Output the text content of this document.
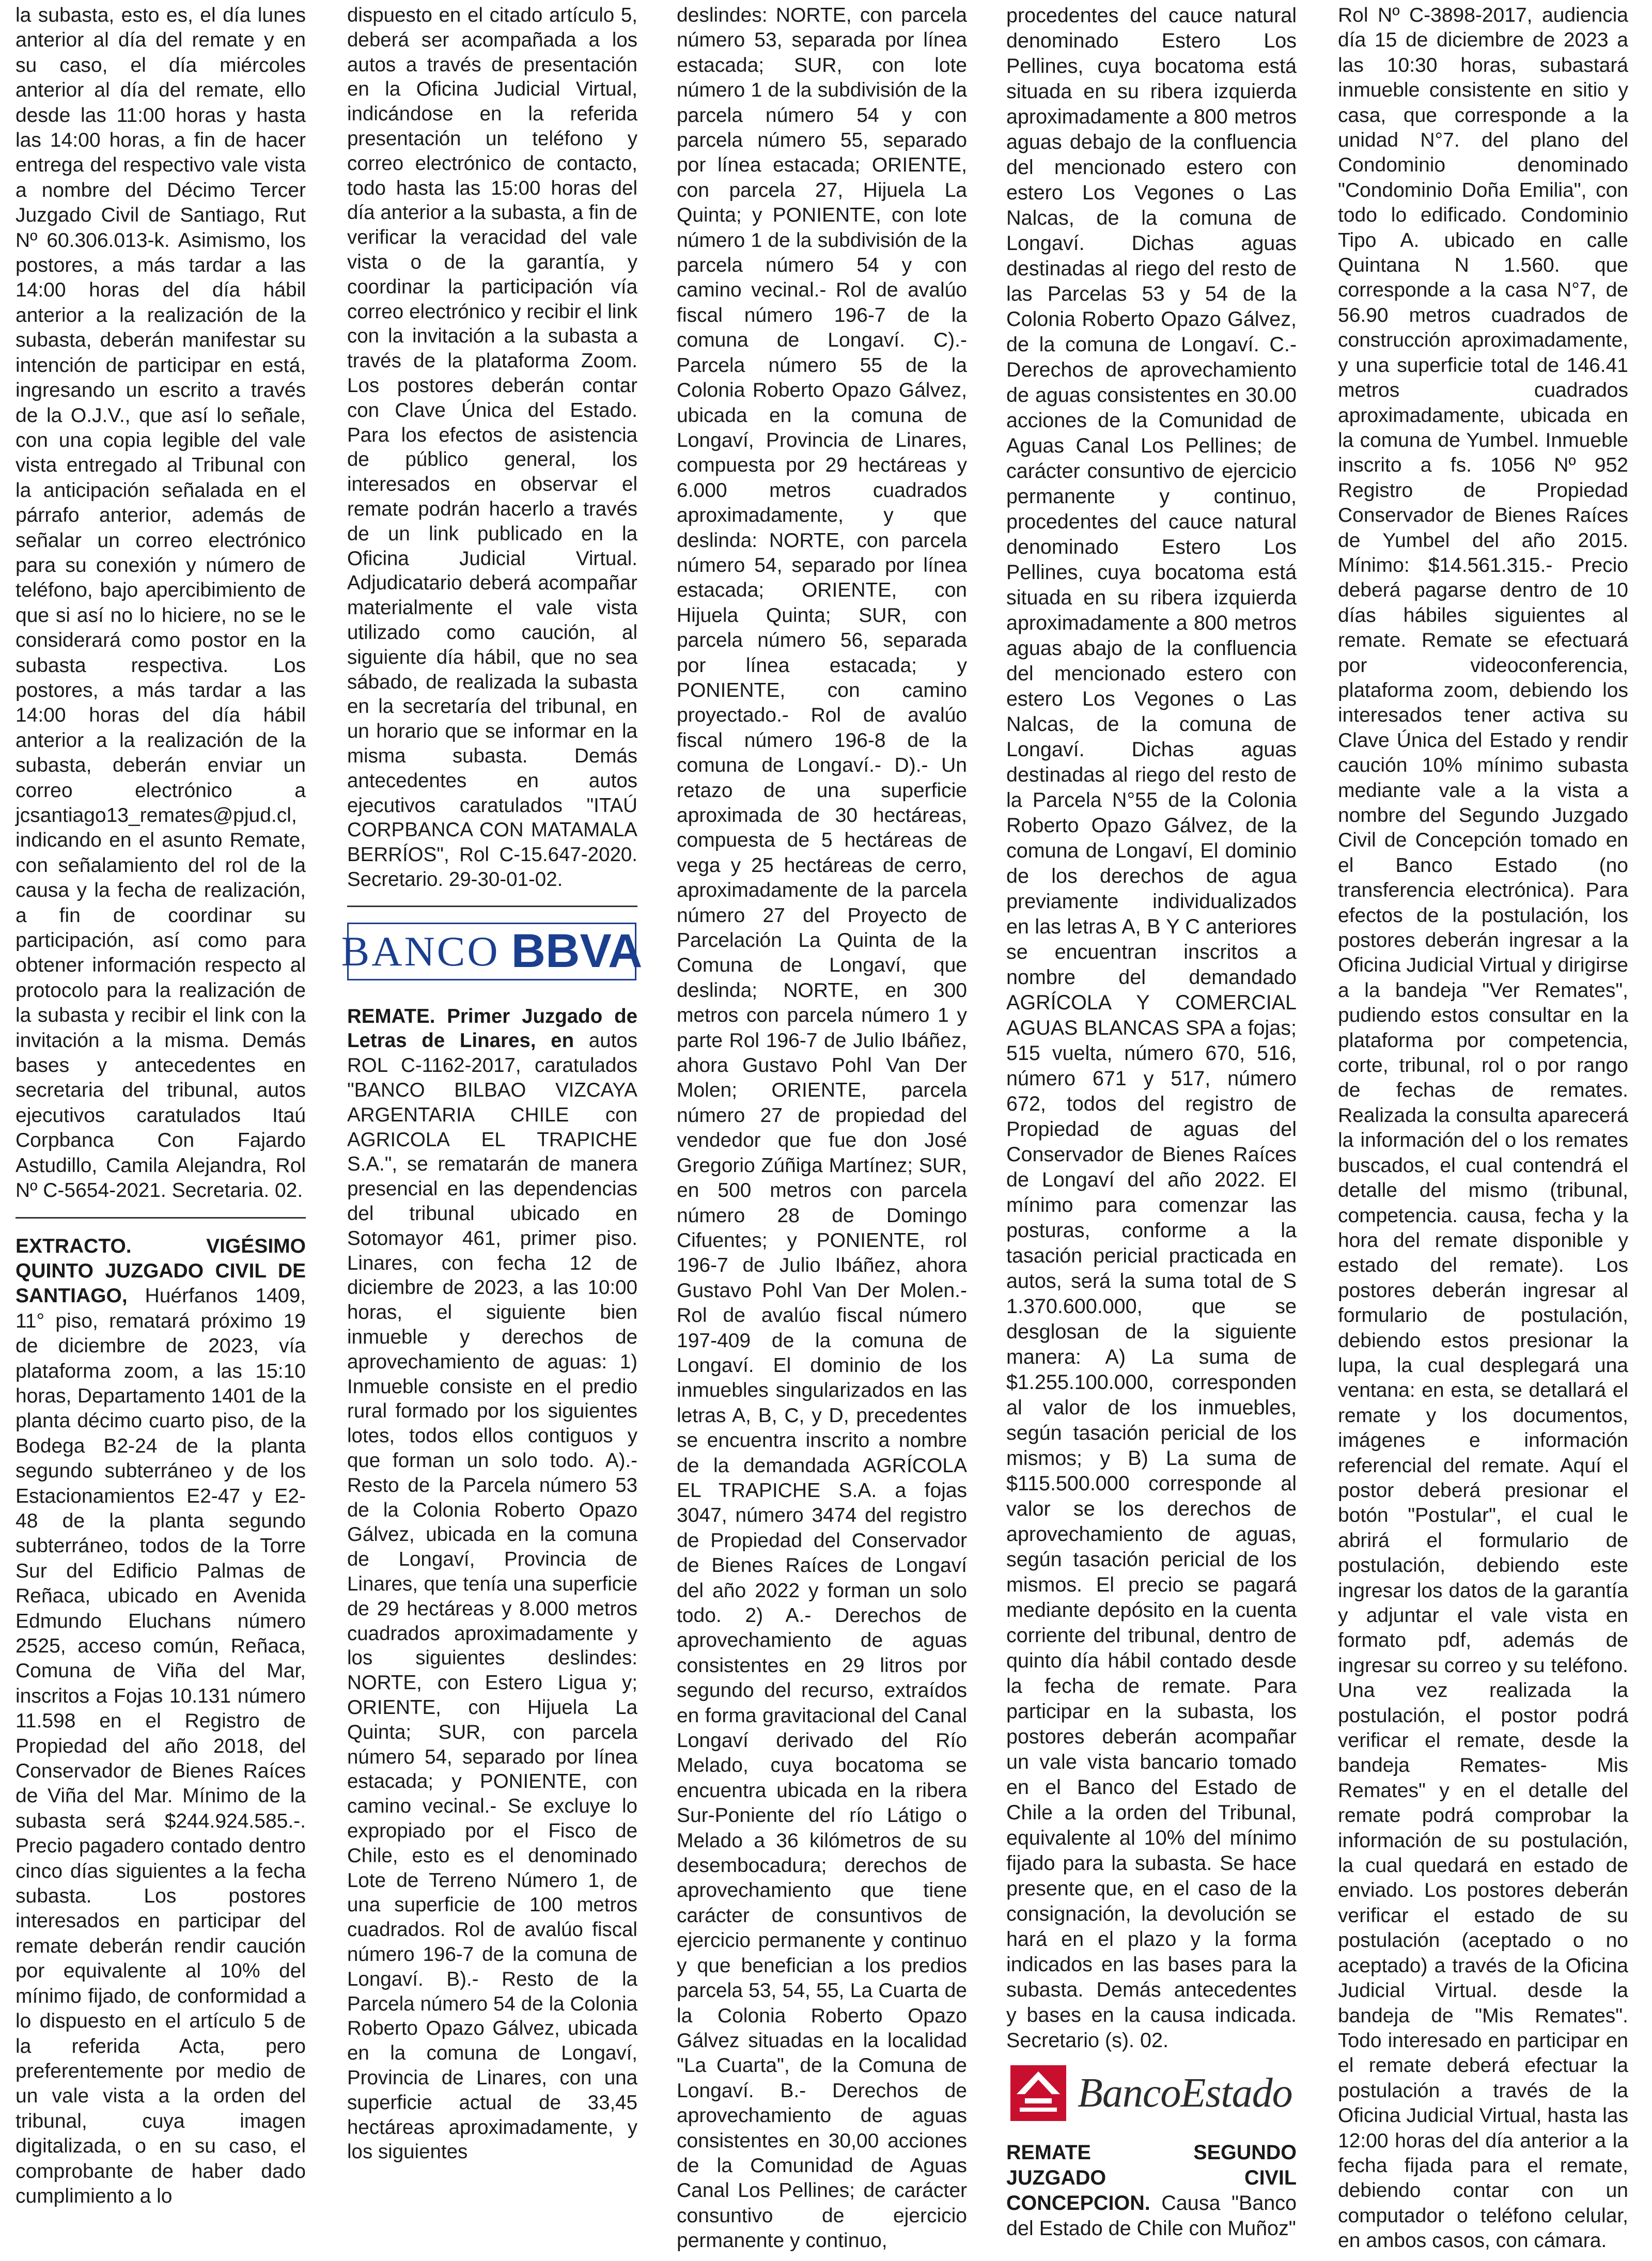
la subasta, esto es, el día lunes anterior al día del remate y en su caso, el día miércoles anterior al día del remate, ello desde las 11:00 horas y hasta las 14:00 horas, a fin de hacer entrega del respectivo vale vista a nombre del Décimo Tercer Juzgado Civil de Santiago, Rut Nº 60.306.013-k. Asimismo, los postores, a más tardar a las 14:00 horas del día hábil anterior a la realización de la subasta, deberán manifestar su intención de participar en está, ingresando un escrito a través de la O.J.V., que así lo señale, con una copia legible del vale vista entregado al Tribunal con la anticipación señalada en el párrafo anterior, además de señalar un correo electrónico para su conexión y número de teléfono, bajo apercibimiento de que si así no lo hiciere, no se le considerará como postor en la subasta respectiva. Los postores, a más tardar a las 14:00 horas del día hábil anterior a la realización de la subasta, deberán enviar un correo electrónico a jcsantiago13_remates@pjud.cl, indicando en el asunto Remate, con señalamiento del rol de la causa y la fecha de realización, a fin de coordinar su participación, así como para obtener información respecto al protocolo para la realización de la subasta y recibir el link con la invitación a la misma. Demás bases y antecedentes en secretaria del tribunal, autos ejecutivos caratulados Itaú Corpbanca Con Fajardo Astudillo, Camila Alejandra, Rol Nº C-5654-2021. Secretaria. 02.

EXTRACTO. VIGÉSIMO QUINTO JUZGADO CIVIL DE SANTIAGO, Huérfanos 1409, 11° piso, rematará próximo 19 de diciembre de 2023, vía plataforma zoom, a las 15:10 horas, Departamento 1401 de la planta décimo cuarto piso, de la Bodega B2-24 de la planta segundo subterráneo y de los Estacionamientos E2-47 y E2-48 de la planta segundo subterráneo, todos de la Torre Sur del Edificio Palmas de Reñaca, ubicado en Avenida Edmundo Eluchans número 2525, acceso común, Reñaca, Comuna de Viña del Mar, inscritos a Fojas 10.131 número 11.598 en el Registro de Propiedad del año 2018, del Conservador de Bienes Raíces de Viña del Mar. Mínimo de la subasta será $244.924.585.-. Precio pagadero contado dentro cinco días siguientes a la fecha subasta. Los postores interesados en participar del remate deberán rendir caución por equivalente al 10% del mínimo fijado, de conformidad a lo dispuesto en el artículo 5 de la referida Acta, pero preferentemente por medio de un vale vista a la orden del tribunal, cuya imagen digitalizada, o en su caso, el comprobante de haber dado cumplimiento a lo

dispuesto en el citado artículo 5, deberá ser acompañada a los autos a través de presentación en la Oficina Judicial Virtual, indicándose en la referida presentación un teléfono y correo electrónico de contacto, todo hasta las 15:00 horas del día anterior a la subasta, a fin de verificar la veracidad del vale vista o de la garantía, y coordinar la participación vía correo electrónico y recibir el link con la invitación a la subasta a través de la plataforma Zoom. Los postores deberán contar con Clave Única del Estado. Para los efectos de asistencia de público general, los interesados en observar el remate podrán hacerlo a través de un link publicado en la Oficina Judicial Virtual. Adjudicatario deberá acompañar materialmente el vale vista utilizado como caución, al siguiente día hábil, que no sea sábado, de realizada la subasta en la secretaría del tribunal, en un horario que se informar en la misma subasta. Demás antecedentes en autos ejecutivos caratulados "ITAÚ CORPBANCA CON MATAMALA BERRÍOS", Rol C-15.647-2020. Secretario. 29-30-01-02.

BANCO BBVA

REMATE. Primer Juzgado de Letras de Linares, en autos ROL C-1162-2017, caratulados "BANCO BILBAO VIZCAYA ARGENTARIA CHILE con AGRICOLA EL TRAPICHE S.A.", se rematarán de manera presencial en las dependencias del tribunal ubicado en Sotomayor 461, primer piso. Linares, con fecha 12 de diciembre de 2023, a las 10:00 horas, el siguiente bien inmueble y derechos de aprovechamiento de aguas: 1) Inmueble consiste en el predio rural formado por los siguientes lotes, todos ellos contiguos y que forman un solo todo. A).- Resto de la Parcela número 53 de la Colonia Roberto Opazo Gálvez, ubicada en la comuna de Longaví, Provincia de Linares, que tenía una superficie de 29 hectáreas y 8.000 metros cuadrados aproximadamente y los siguientes deslindes: NORTE, con Estero Ligua y; ORIENTE, con Hijuela La Quinta; SUR, con parcela número 54, separado por línea estacada; y PONIENTE, con camino vecinal.- Se excluye lo expropiado por el Fisco de Chile, esto es el denominado Lote de Terreno Número 1, de una superficie de 100 metros cuadrados. Rol de avalúo fiscal número 196-7 de la comuna de Longaví. B).- Resto de la Parcela número 54 de la Colonia Roberto Opazo Gálvez, ubicada en la comuna de Longaví, Provincia de Linares, con una superficie actual de 33,45 hectáreas aproximadamente, y los siguientes

deslindes: NORTE, con parcela número 53, separada por línea estacada; SUR, con lote número 1 de la subdivisión de la parcela número 54 y con parcela número 55, separado por línea estacada; ORIENTE, con parcela 27, Hijuela La Quinta; y PONIENTE, con lote número 1 de la subdivisión de la parcela número 54 y con camino vecinal.- Rol de avalúo fiscal número 196-7 de la comuna de Longaví. C).- Parcela número 55 de la Colonia Roberto Opazo Gálvez, ubicada en la comuna de Longaví, Provincia de Linares, compuesta por 29 hectáreas y 6.000 metros cuadrados aproximadamente, y que deslinda: NORTE, con parcela número 54, separado por línea estacada; ORIENTE, con Hijuela Quinta; SUR, con parcela número 56, separada por línea estacada; y PONIENTE, con camino proyectado.- Rol de avalúo fiscal número 196-8 de la comuna de Longaví.- D).- Un retazo de una superficie aproximada de 30 hectáreas, compuesta de 5 hectáreas de vega y 25 hectáreas de cerro, aproximadamente de la parcela número 27 del Proyecto de Parcelación La Quinta de la Comuna de Longaví, que deslinda; NORTE, en 300 metros con parcela número 1 y parte Rol 196-7 de Julio Ibáñez, ahora Gustavo Pohl Van Der Molen; ORIENTE, parcela número 27 de propiedad del vendedor que fue don José Gregorio Zúñiga Martínez; SUR, en 500 metros con parcela número 28 de Domingo Cifuentes; y PONIENTE, rol 196-7 de Julio Ibáñez, ahora Gustavo Pohl Van Der Molen.- Rol de avalúo fiscal número 197-409 de la comuna de Longaví. El dominio de los inmuebles singularizados en las letras A, B, C, y D, precedentes se encuentra inscrito a nombre de la demandada AGRÍCOLA EL TRAPICHE S.A. a fojas 3047, número 3474 del registro de Propiedad del Conservador de Bienes Raíces de Longaví del año 2022 y forman un solo todo. 2) A.- Derechos de aprovechamiento de aguas consistentes en 29 litros por segundo del recurso, extraídos en forma gravitacional del Canal Longaví derivado del Río Melado, cuya bocatoma se encuentra ubicada en la ribera Sur-Poniente del río Látigo o Melado a 36 kilómetros de su desembocadura; derechos de aprovechamiento que tiene carácter de consuntivos de ejercicio permanente y continuo y que benefician a los predios parcela 53, 54, 55, La Cuarta de la Colonia Roberto Opazo Gálvez situadas en la localidad "La Cuarta", de la Comuna de Longaví. B.- Derechos de aprovechamiento de aguas consistentes en 30,00 acciones de la Comunidad de Aguas Canal Los Pellines; de carácter consuntivo de ejercicio permanente y continuo,

procedentes del cauce natural denominado Estero Los Pellines, cuya bocatoma está situada en su ribera izquierda aproximadamente a 800 metros aguas debajo de la confluencia del mencionado estero con estero Los Vegones o Las Nalcas, de la comuna de Longaví. Dichas aguas destinadas al riego del resto de las Parcelas 53 y 54 de la Colonia Roberto Opazo Gálvez, de la comuna de Longaví. C.-Derechos de aprovechamiento de aguas consistentes en 30.00 acciones de la Comunidad de Aguas Canal Los Pellines; de carácter consuntivo de ejercicio permanente y continuo, procedentes del cauce natural denominado Estero Los Pellines, cuya bocatoma está situada en su ribera izquierda aproximadamente a 800 metros aguas abajo de la confluencia del mencionado estero con estero Los Vegones o Las Nalcas, de la comuna de Longaví. Dichas aguas destinadas al riego del resto de la Parcela N°55 de la Colonia Roberto Opazo Gálvez, de la comuna de Longaví, El dominio de los derechos de agua previamente individualizados en las letras A, B Y C anteriores se encuentran inscritos a nombre del demandado AGRÍCOLA Y COMERCIAL AGUAS BLANCAS SPA a fojas; 515 vuelta, número 670, 516, número 671 y 517, número 672, todos del registro de Propiedad de aguas del Conservador de Bienes Raíces de Longaví del año 2022. El mínimo para comenzar las posturas, conforme a la tasación pericial practicada en autos, será la suma total de S 1.370.600.000, que se desglosan de la siguiente manera: A) La suma de $1.255.100.000, corresponden al valor de los inmuebles, según tasación pericial de los mismos; y B) La suma de $115.500.000 corresponde al valor se los derechos de aprovechamiento de aguas, según tasación pericial de los mismos. El precio se pagará mediante depósito en la cuenta corriente del tribunal, dentro de quinto día hábil contado desde la fecha de remate. Para participar en la subasta, los postores deberán acompañar un vale vista bancario tomado en el Banco del Estado de Chile a la orden del Tribunal, equivalente al 10% del mínimo fijado para la subasta. Se hace presente que, en el caso de la consignación, la devolución se hará en el plazo y la forma indicados en las bases para la subasta. Demás antecedentes y bases en la causa indicada. Secretario (s). 02.

BancoEstado

REMATE SEGUNDO JUZGADO CIVIL CONCEPCION. Causa "Banco del Estado de Chile con Muñoz"

Rol Nº C-3898-2017, audiencia día 15 de diciembre de 2023 a las 10:30 horas, subastará inmueble consistente en sitio y casa, que corresponde a la unidad N°7. del plano del Condominio denominado "Condominio Doña Emilia", con todo lo edificado. Condominio Tipo A. ubicado en calle Quintana N 1.560. que corresponde a la casa N°7, de 56.90 metros cuadrados de construcción aproximadamente, y una superficie total de 146.41 metros cuadrados aproximadamente, ubicada en la comuna de Yumbel. Inmueble inscrito a fs. 1056 Nº 952 Registro de Propiedad Conservador de Bienes Raíces de Yumbel del año 2015. Mínimo: $14.561.315.- Precio deberá pagarse dentro de 10 días hábiles siguientes al remate. Remate se efectuará por videoconferencia, plataforma zoom, debiendo los interesados tener activa su Clave Única del Estado y rendir caución 10% mínimo subasta mediante vale a la vista a nombre del Segundo Juzgado Civil de Concepción tomado en el Banco Estado (no transferencia electrónica). Para efectos de la postulación, los postores deberán ingresar a la Oficina Judicial Virtual y dirigirse a la bandeja "Ver Remates", pudiendo estos consultar en la plataforma por competencia, corte, tribunal, rol o por rango de fechas de remates. Realizada la consulta aparecerá la información del o los remates buscados, el cual contendrá el detalle del mismo (tribunal, competencia. causa, fecha y la hora del remate disponible y estado del remate). Los postores deberán ingresar al formulario de postulación, debiendo estos presionar la lupa, la cual desplegará una ventana: en esta, se detallará el remate y los documentos, imágenes e información referencial del remate. Aquí el postor deberá presionar el botón "Postular", el cual le abrirá el formulario de postulación, debiendo este ingresar los datos de la garantía y adjuntar el vale vista en formato pdf, además de ingresar su correo y su teléfono. Una vez realizada la postulación, el postor podrá verificar el remate, desde la bandeja Remates- Mis Remates" y en el detalle del remate podrá comprobar la información de su postulación, la cual quedará en estado de enviado. Los postores deberán verificar el estado de su postulación (aceptado o no aceptado) a través de la Oficina Judicial Virtual. desde la bandeja de "Mis Remates". Todo interesado en participar en el remate deberá efectuar la postulación a través de la Oficina Judicial Virtual, hasta las 12:00 horas del día anterior a la fecha fijada para el remate, debiendo contar con un computador o teléfono celular, en ambos casos, con cámara.
